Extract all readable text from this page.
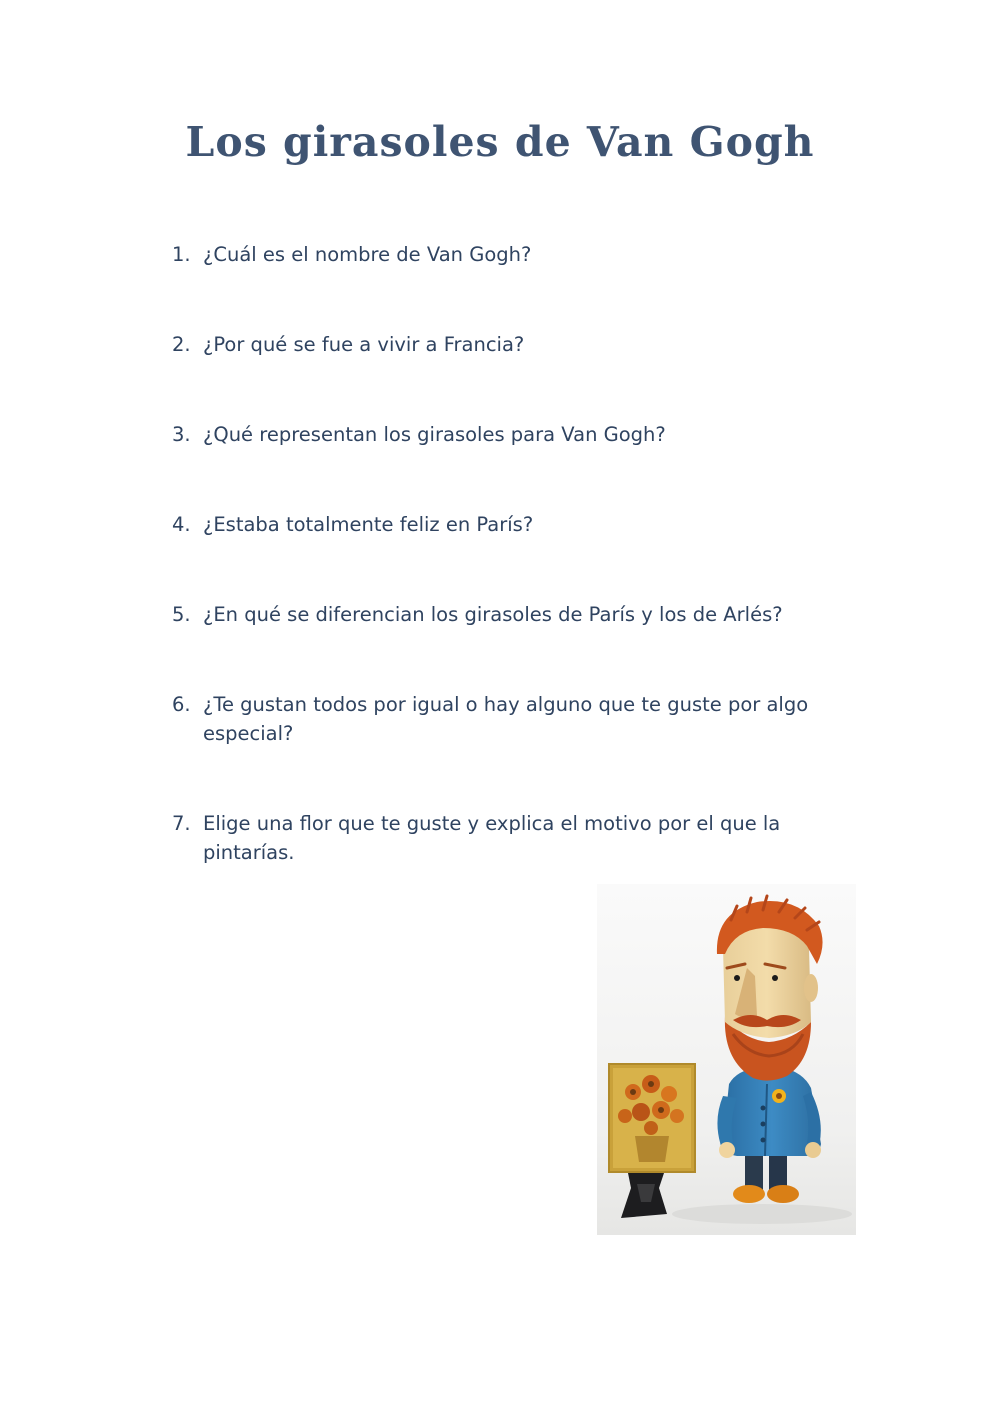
Los girasoles de Van Gogh
1. ¿Cuál es el nombre de Van Gogh?
2. ¿Por qué se fue a vivir a Francia?
3. ¿Qué representan los girasoles para Van Gogh?
4. ¿Estaba totalmente feliz en París?
5. ¿En qué se diferencian los girasoles de París y los de Arlés?
6. ¿Te gustan todos por igual o hay alguno que te guste por algo especial?
7. Elige una flor que te guste y explica el motivo por el que la pintarías.
